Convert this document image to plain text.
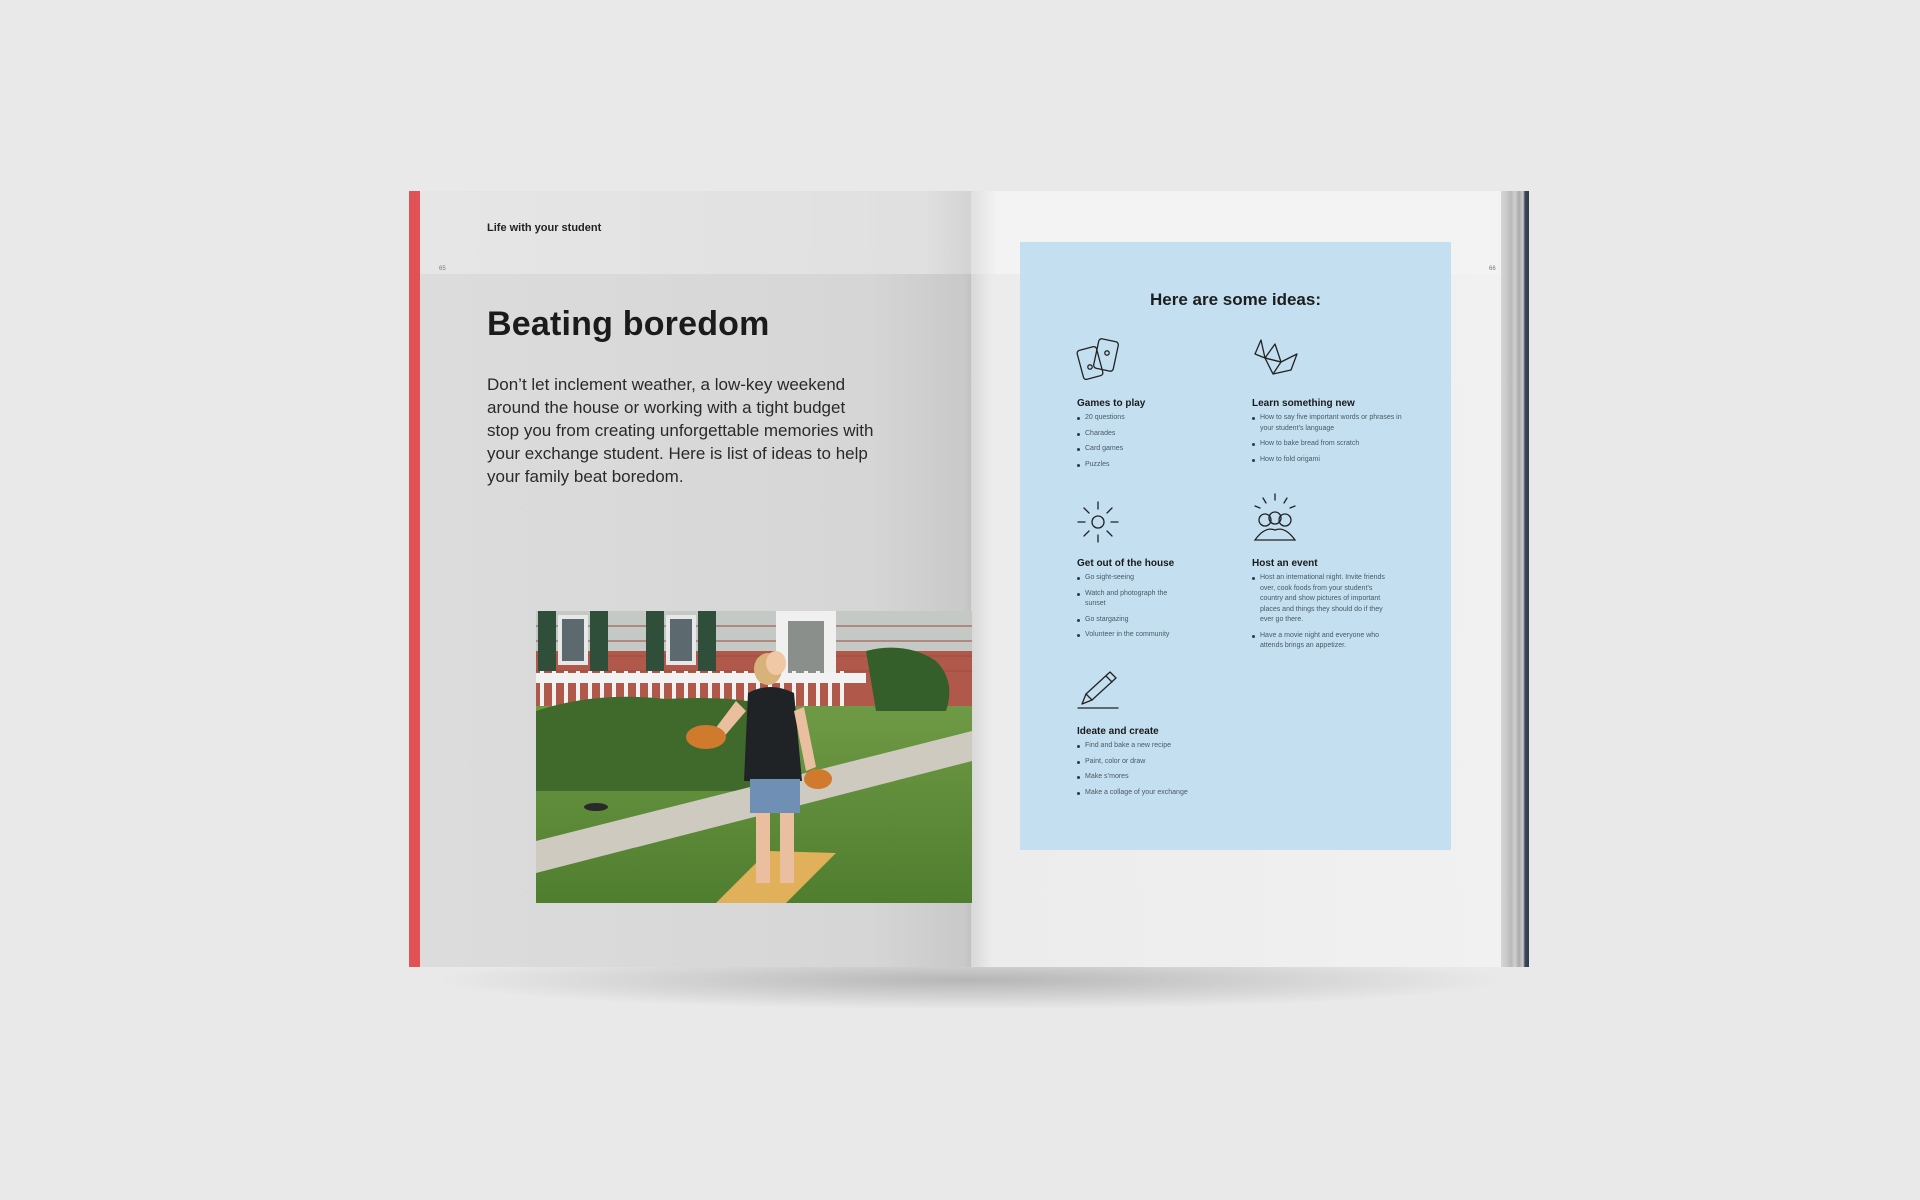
Life with your student
65	66
Beating boredom

Don’t let inclement weather, a low-key weekend around the house or working with a tight budget stop you from creating unforgettable memories with your exchange student. Here is list of ideas to help your family beat boredom.

Here are some ideas:
Games to play
20 questions
Charades
Card games
Puzzles
Learn something new
How to say five important words or phrases in your student’s language
How to bake bread from scratch
How to fold origami
Get out of the house
Go sight-seeing
Watch and photograph the sunset
Go stargazing
Volunteer in the community
Host an event
Host an international night. Invite friends over, cook foods from your student’s country and show pictures of important places and things they should do if they ever go there.
Have a movie night and everyone who attends brings an appetizer.
Ideate and create
Find and bake a new recipe
Paint, color or draw
Make s’mores
Make a collage of your exchange
